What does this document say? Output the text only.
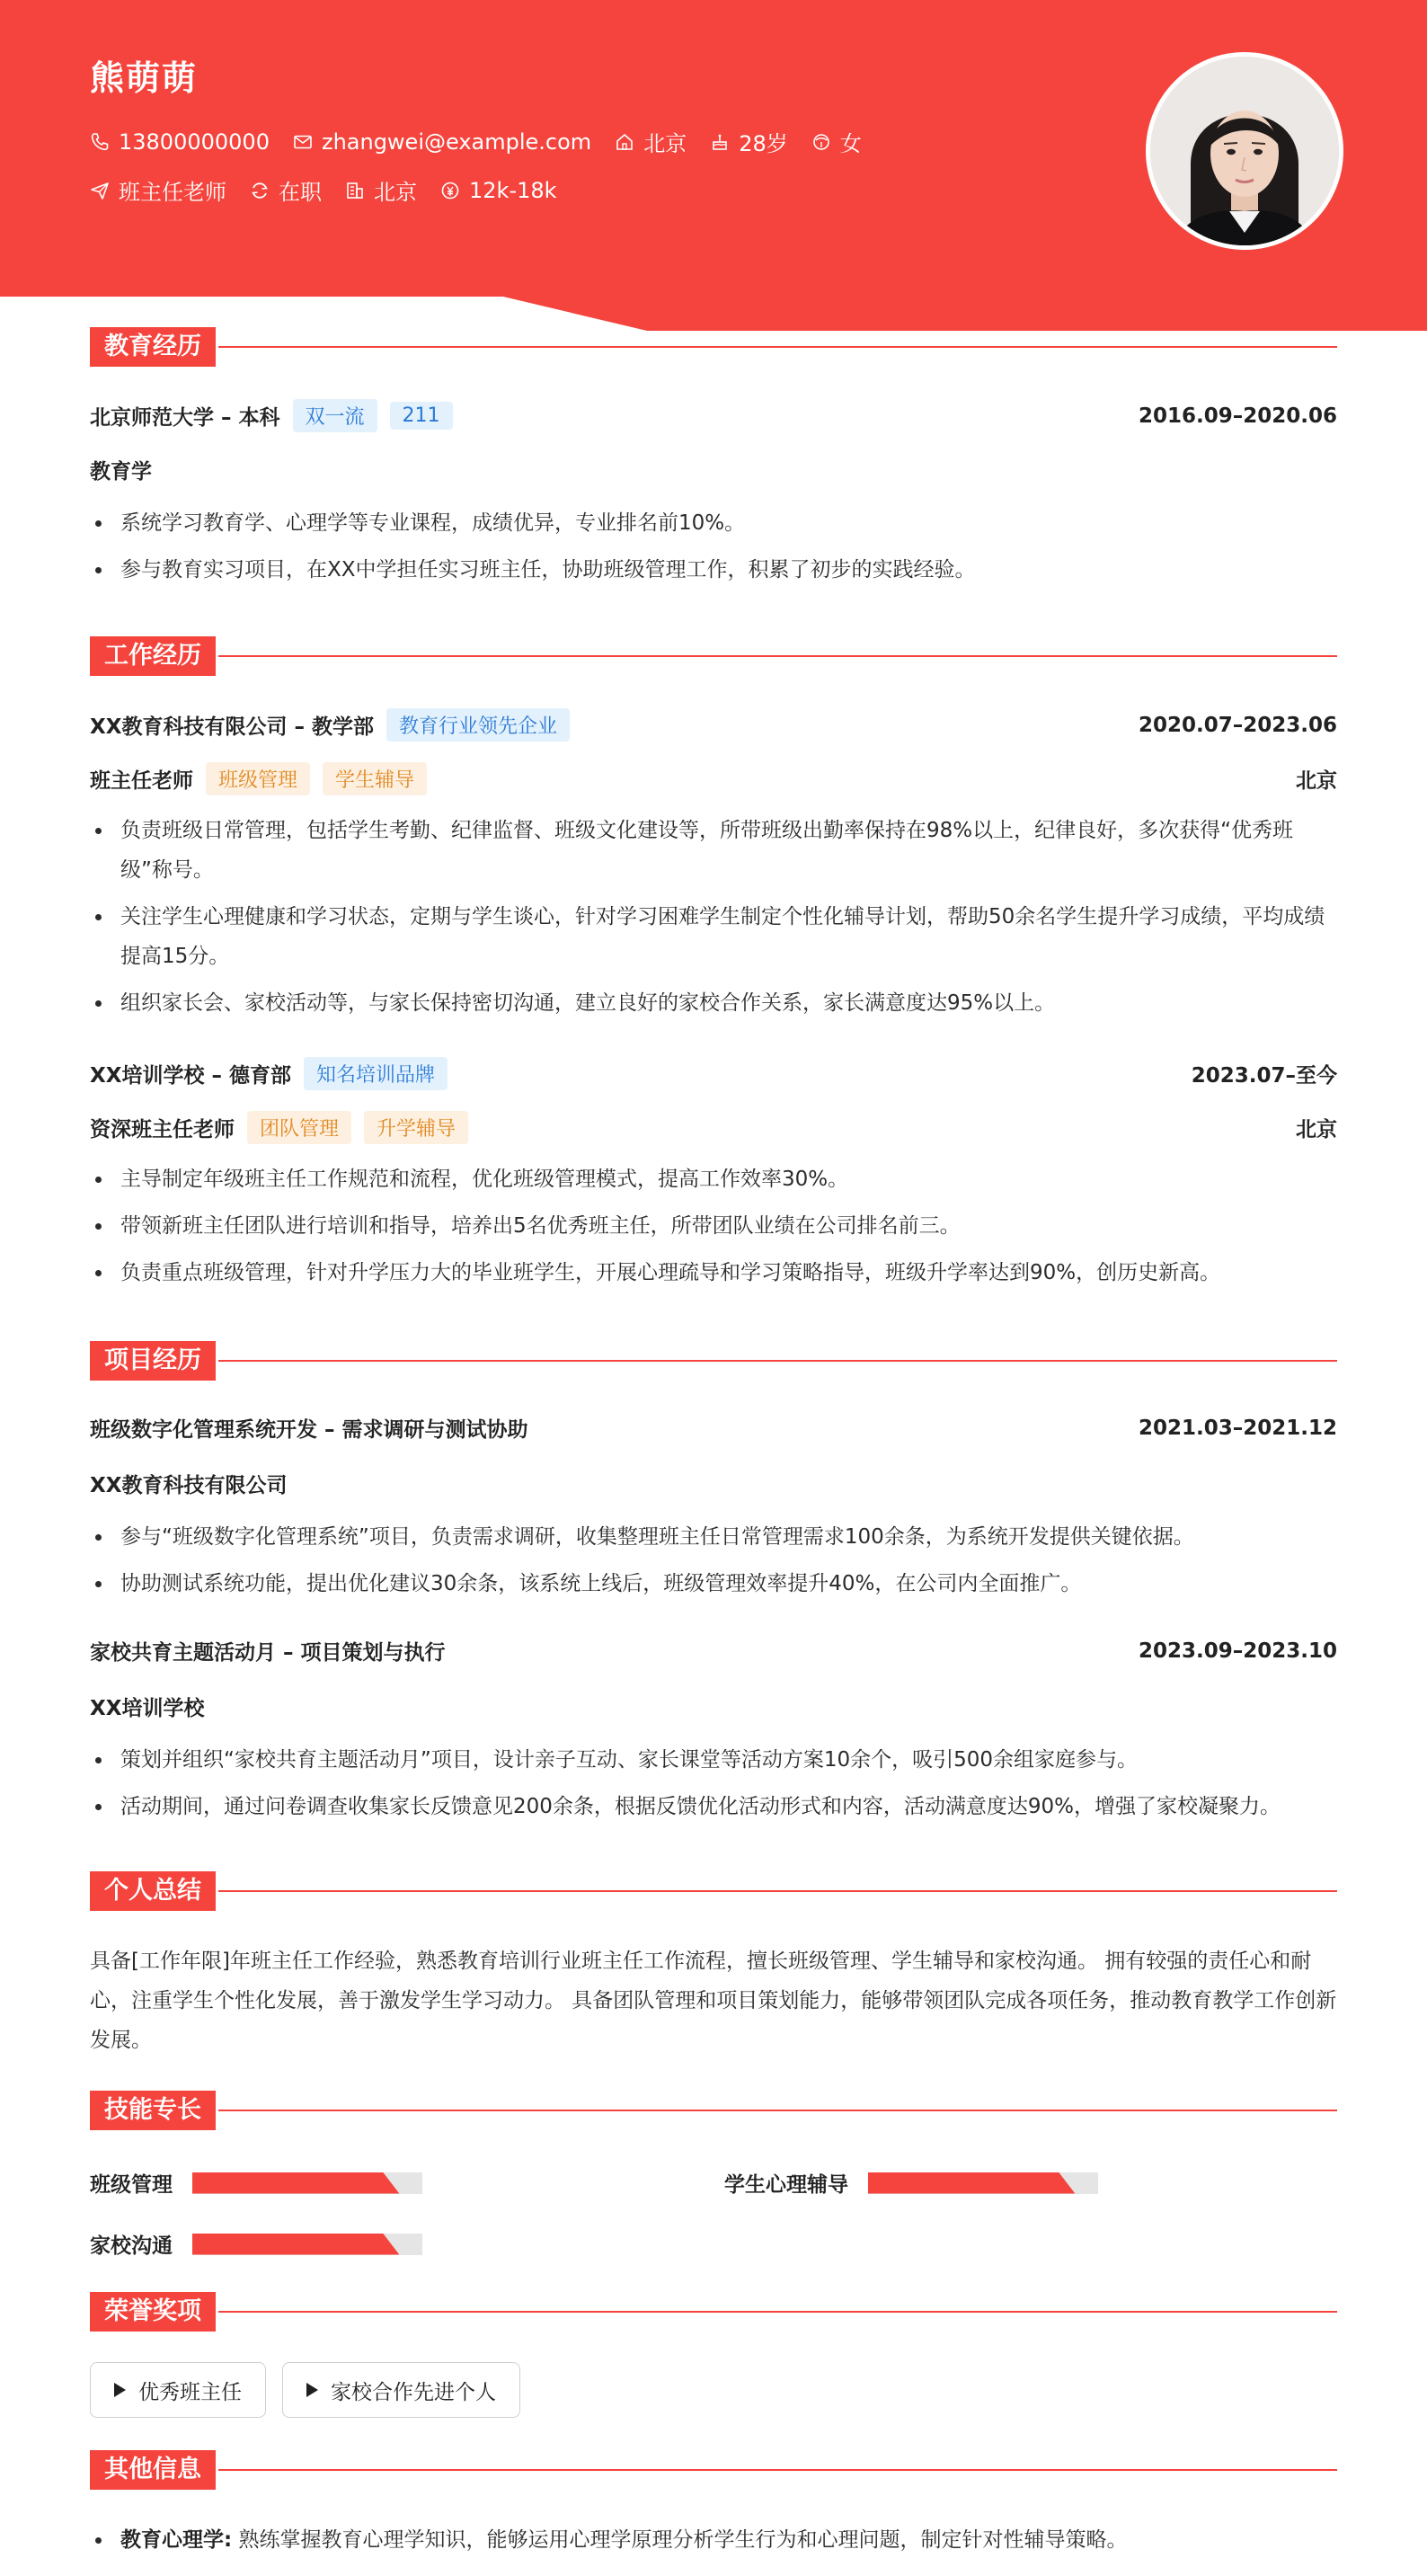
熊萌萌
13800000000 zhangwei@example.com 北京 28岁 女
班主任老师 在职 北京 12k-18k
教育经历
北京师范大学 – 本科	双一流	211	2016.09–2020.06
教育学
系统学习教育学、心理学等专业课程，成绩优异，专业排名前10%。
参与教育实习项目，在XX中学担任实习班主任，协助班级管理工作，积累了初步的实践经验。
工作经历
XX教育科技有限公司 – 教学部	教育行业领先企业	2020.07–2023.06
班主任老师	班级管理	学生辅导	北京
负责班级日常管理，包括学生考勤、纪律监督、班级文化建设等，所带班级出勤率保持在98%以上，纪律良好，多次获得“优秀班级”称号。
关注学生心理健康和学习状态，定期与学生谈心，针对学习困难学生制定个性化辅导计划，帮助50余名学生提升学习成绩，平均成绩提高15分。
组织家长会、家校活动等，与家长保持密切沟通，建立良好的家校合作关系，家长满意度达95%以上。
XX培训学校 – 德育部	知名培训品牌	2023.07–至今
资深班主任老师	团队管理	升学辅导	北京
主导制定年级班主任工作规范和流程，优化班级管理模式，提高工作效率30%。
带领新班主任团队进行培训和指导，培养出5名优秀班主任，所带团队业绩在公司排名前三。
负责重点班级管理，针对升学压力大的毕业班学生，开展心理疏导和学习策略指导，班级升学率达到90%，创历史新高。
项目经历
班级数字化管理系统开发 – 需求调研与测试协助	2021.03–2021.12
XX教育科技有限公司
参与“班级数字化管理系统”项目，负责需求调研，收集整理班主任日常管理需求100余条，为系统开发提供关键依据。
协助测试系统功能，提出优化建议30余条，该系统上线后，班级管理效率提升40%，在公司内全面推广。
家校共育主题活动月 – 项目策划与执行	2023.09–2023.10
XX培训学校
策划并组织“家校共育主题活动月”项目，设计亲子互动、家长课堂等活动方案10余个，吸引500余组家庭参与。
活动期间，通过问卷调查收集家长反馈意见200余条，根据反馈优化活动形式和内容，活动满意度达90%，增强了家校凝聚力。
个人总结

具备[工作年限]年班主任工作经验，熟悉教育培训行业班主任工作流程，擅长班级管理、学生辅导和家校沟通。 拥有较强的责任心和耐心，注重学生个性化发展，善于激发学生学习动力。 具备团队管理和项目策划能力，能够带领团队完成各项任务，推动教育教学工作创新发展。

技能专长
班级管理	学生心理辅导
家校沟通
荣誉奖项
优秀班主任	家校合作先进个人
其他信息
教育心理学: 熟练掌握教育心理学知识，能够运用心理学原理分析学生行为和心理问题，制定针对性辅导策略。
